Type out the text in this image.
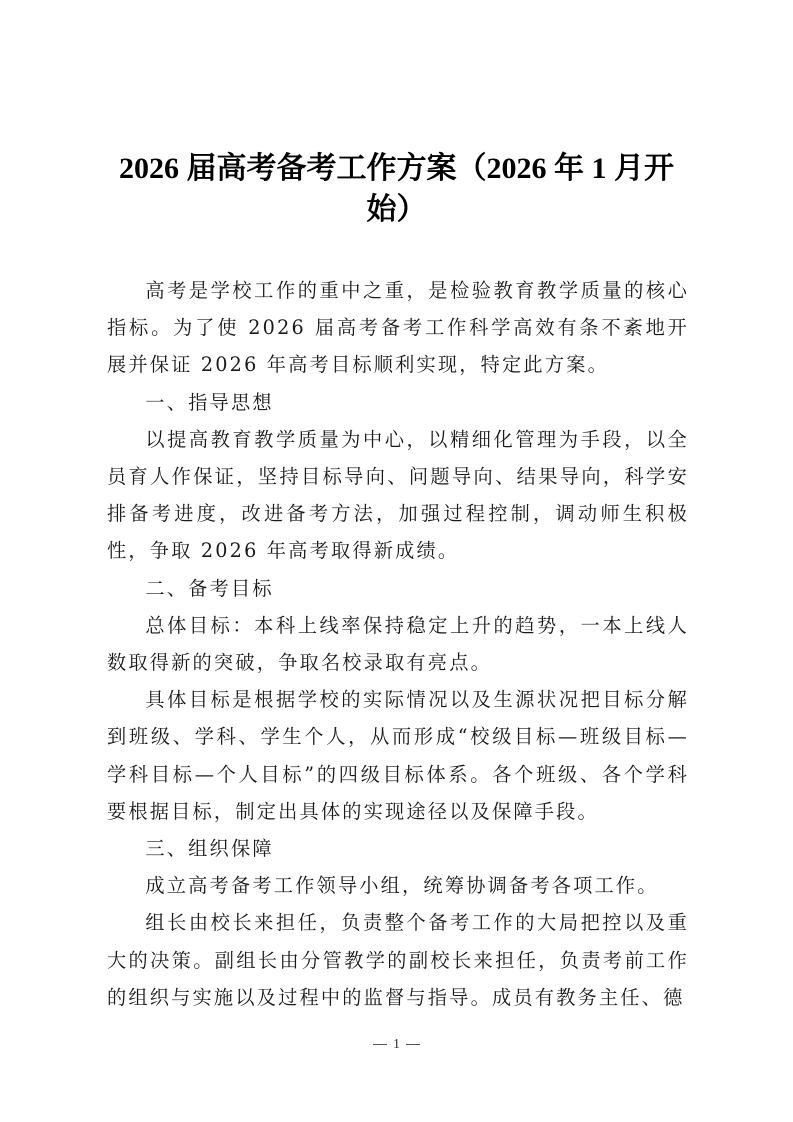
2026 届高考备考工作方案（2026 年 1 月开
始）

高考是学校工作的重中之重，是检验教育教学质量的核心指标。为了使 2026 届高考备考工作科学高效有条不紊地开展并保证 2026 年高考目标顺利实现，特定此方案。

一、指导思想

以提高教育教学质量为中心，以精细化管理为手段，以全员育人作保证，坚持目标导向、问题导向、结果导向，科学安排备考进度，改进备考方法，加强过程控制，调动师生积极性，争取 2026 年高考取得新成绩。

二、备考目标

总体目标：本科上线率保持稳定上升的趋势，一本上线人数取得新的突破，争取名校录取有亮点。

具体目标是根据学校的实际情况以及生源状况把目标分解到班级、学科、学生个人，从而形成“校级目标—班级目标—学科目标—个人目标”的四级目标体系。各个班级、各个学科要根据目标，制定出具体的实现途径以及保障手段。

三、组织保障

成立高考备考工作领导小组，统筹协调备考各项工作。

组长由校长来担任，负责整个备考工作的大局把控以及重大的决策。副组长由分管教学的副校长来担任，负责考前工作的组织与实施以及过程中的监督与指导。成员有教务主任、德

1
